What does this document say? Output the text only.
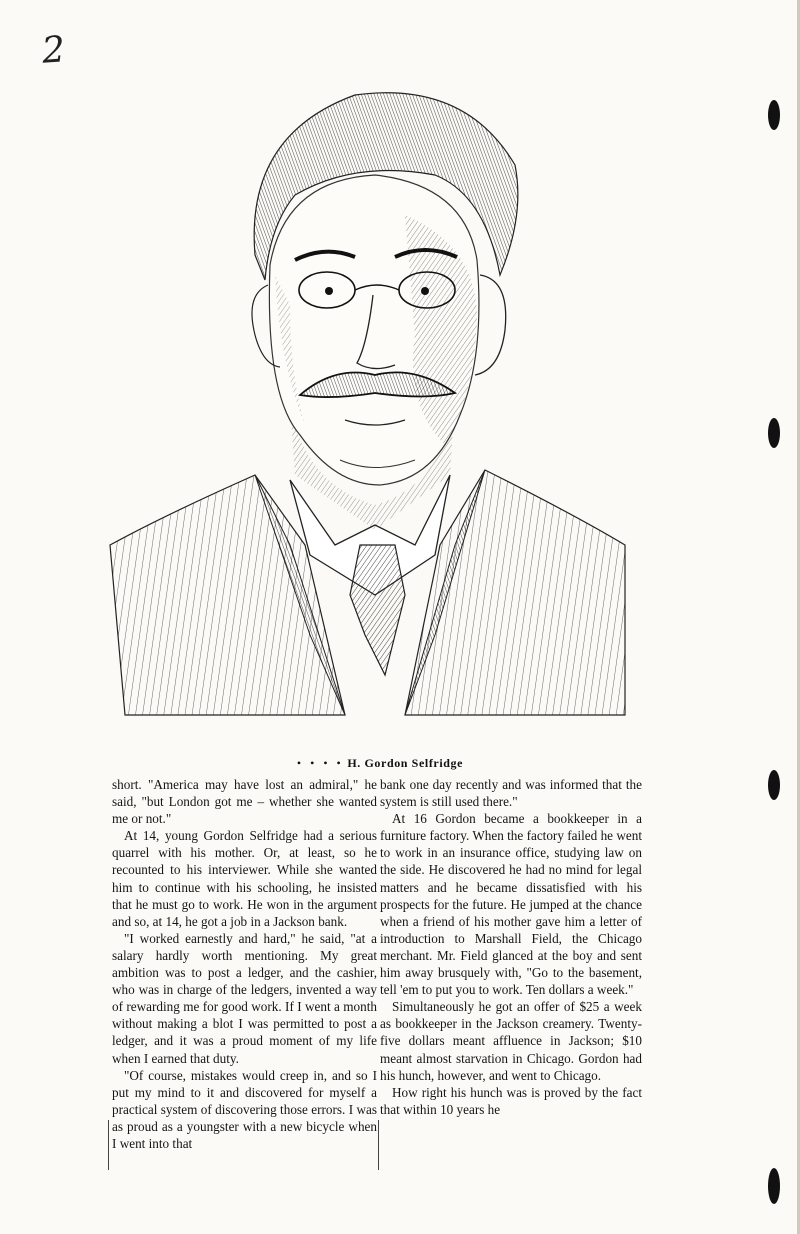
2
• • • • H. Gordon Selfridge

short. "America may have lost an admiral," he said, "but London got me – whether she wanted me or not."

At 14, young Gordon Selfridge had a serious quarrel with his mother. Or, at least, so he recounted to his interviewer. While she wanted him to continue with his schooling, he insisted that he must go to work. He won in the argument and so, at 14, he got a job in a Jackson bank.

"I worked earnestly and hard," he said, "at a salary hardly worth mentioning. My great ambition was to post a ledger, and the cashier, who was in charge of the ledgers, invented a way of rewarding me for good work. If I went a month without making a blot I was permitted to post a ledger, and it was a proud moment of my life when I earned that duty.

"Of course, mistakes would creep in, and so I put my mind to it and discovered for myself a practical system of discovering those errors. I was as proud as a youngster with a new bicycle when I went into that

bank one day recently and was informed that the system is still used there."

At 16 Gordon became a bookkeeper in a furniture factory. When the factory failed he went to work in an insurance office, studying law on the side. He discovered he had no mind for legal matters and he became dissatisfied with his prospects for the future. He jumped at the chance when a friend of his mother gave him a letter of introduction to Marshall Field, the Chicago merchant. Mr. Field glanced at the boy and sent him away brusquely with, "Go to the basement, tell 'em to put you to work. Ten dollars a week."

Simultaneously he got an offer of $25 a week as bookkeeper in the Jackson creamery. Twenty-five dollars meant affluence in Jackson; $10 meant almost starvation in Chicago. Gordon had his hunch, however, and went to Chicago.

How right his hunch was is proved by the fact that within 10 years he
